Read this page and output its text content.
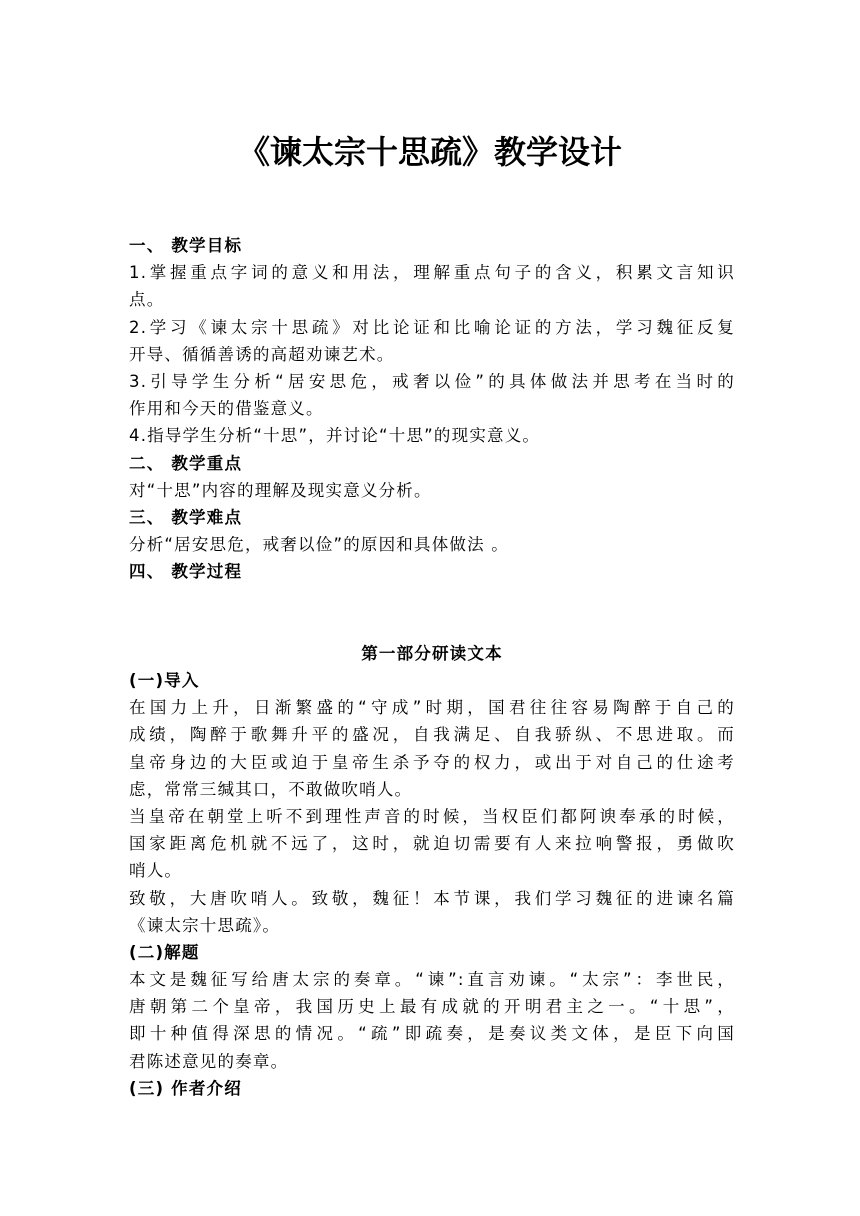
《谏太宗十思疏》教学设计
一、 教学目标
1.掌握重点字词的意义和用法，理解重点句子的含义，积累文言知识
点。
2.学习《谏太宗十思疏》对比论证和比喻论证的方法，学习魏征反复
开导、循循善诱的高超劝谏艺术。
3.引导学生分析“居安思危，戒奢以俭”的具体做法并思考在当时的
作用和今天的借鉴意义。
4.指导学生分析“十思”，并讨论“十思”的现实意义。
二、 教学重点
对“十思”内容的理解及现实意义分析。
三、 教学难点
分析“居安思危，戒奢以俭”的原因和具体做法 。
四、 教学过程
第一部分研读文本
(一)导入
在国力上升，日渐繁盛的“守成”时期，国君往往容易陶醉于自己的
成绩，陶醉于歌舞升平的盛况，自我满足、自我骄纵、不思进取。而
皇帝身边的大臣或迫于皇帝生杀予夺的权力，或出于对自己的仕途考
虑，常常三缄其口，不敢做吹哨人。
当皇帝在朝堂上听不到理性声音的时候，当权臣们都阿谀奉承的时候，
国家距离危机就不远了，这时，就迫切需要有人来拉响警报，勇做吹
哨人。
致敬，大唐吹哨人。致敬，魏征！本节课，我们学习魏征的进谏名篇
《谏太宗十思疏》。
(二)解题
本文是魏征写给唐太宗的奏章。“谏”:直言劝谏。“太宗”：李世民，
唐朝第二个皇帝，我国历史上最有成就的开明君主之一。“十思”，
即十种值得深思的情况。“疏”即疏奏，是奏议类文体，是臣下向国
君陈述意见的奏章。
(三) 作者介绍
